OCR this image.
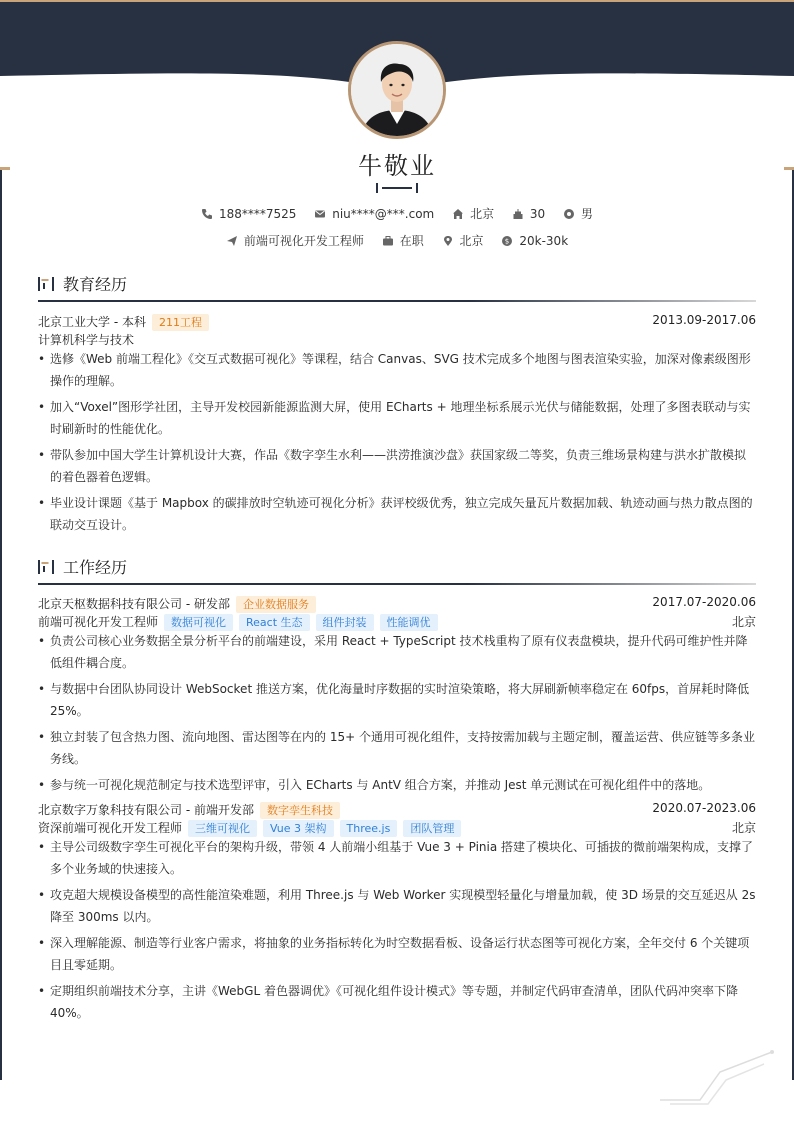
牛敬业
188****7525	niu****@***.com	北京	30	男
前端可视化开发工程师	在职	北京	$ 20k-30k
教育经历
北京工业大学 - 本科 211工程	2013.09-2017.06
计算机科学与技术
• 选修《Web 前端工程化》《交互式数据可视化》等课程，结合 Canvas、SVG 技术完成多个地图与图表渲染实验，加深对像素级图形操作的理解。
• 加入“Voxel”图形学社团，主导开发校园新能源监测大屏，使用 ECharts + 地理坐标系展示光伏与储能数据，处理了多图表联动与实时刷新时的性能优化。
• 带队参加中国大学生计算机设计大赛，作品《数字孪生水利——洪涝推演沙盘》获国家级二等奖，负责三维场景构建与洪水扩散模拟的着色器着色逻辑。
• 毕业设计课题《基于 Mapbox 的碳排放时空轨迹可视化分析》获评校级优秀，独立完成矢量瓦片数据加载、轨迹动画与热力散点图的联动交互设计。
工作经历
北京天枢数据科技有限公司 - 研发部 企业数据服务	2017.07-2020.06
前端可视化开发工程师 数据可视化 React 生态 组件封装 性能调优	北京
• 负责公司核心业务数据全景分析平台的前端建设，采用 React + TypeScript 技术栈重构了原有仪表盘模块，提升代码可维护性并降低组件耦合度。
• 与数据中台团队协同设计 WebSocket 推送方案，优化海量时序数据的实时渲染策略，将大屏刷新帧率稳定在 60fps，首屏耗时降低 25%。
• 独立封装了包含热力图、流向地图、雷达图等在内的 15+ 个通用可视化组件，支持按需加载与主题定制，覆盖运营、供应链等多条业务线。
• 参与统一可视化规范制定与技术选型评审，引入 ECharts 与 AntV 组合方案，并推动 Jest 单元测试在可视化组件中的落地。
北京数字万象科技有限公司 - 前端开发部 数字孪生科技	2020.07-2023.06
资深前端可视化开发工程师 三维可视化 Vue 3 架构 Three.js 团队管理	北京
• 主导公司级数字孪生可视化平台的架构升级，带领 4 人前端小组基于 Vue 3 + Pinia 搭建了模块化、可插拔的微前端架构成，支撑了多个业务域的快速接入。
• 攻克超大规模设备模型的高性能渲染难题，利用 Three.js 与 Web Worker 实现模型轻量化与增量加载，使 3D 场景的交互延迟从 2s 降至 300ms 以内。
• 深入理解能源、制造等行业客户需求，将抽象的业务指标转化为时空数据看板、设备运行状态图等可视化方案，全年交付 6 个关键项目且零延期。
• 定期组织前端技术分享，主讲《WebGL 着色器调优》《可视化组件设计模式》等专题，并制定代码审查清单，团队代码冲突率下降 40%。
